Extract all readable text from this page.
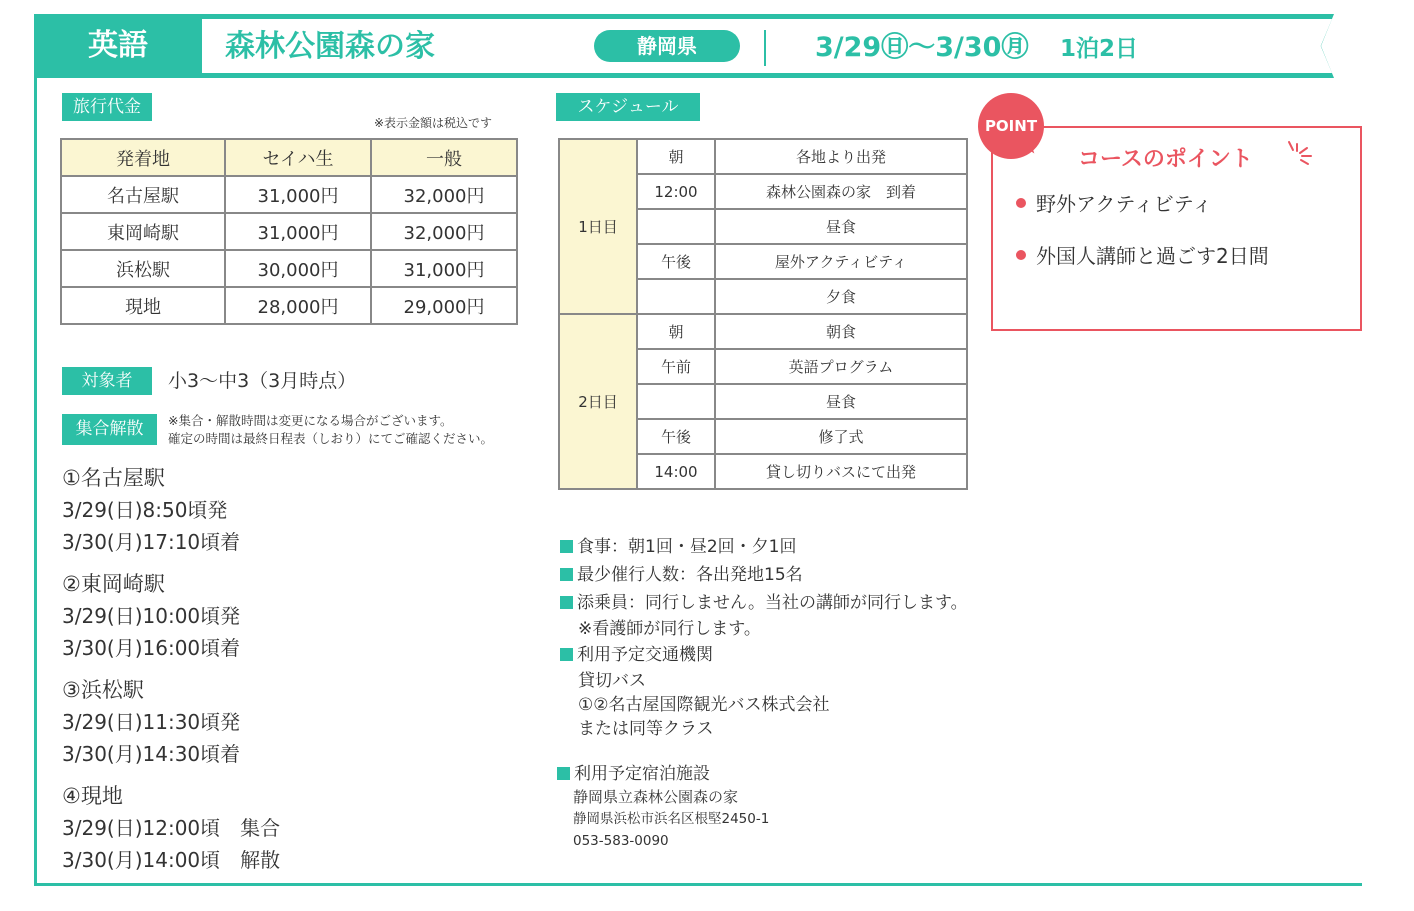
英語	森林公園森の家	静岡県	3/29㊐〜3/30㊊ 1泊2日
旅行代金
※表示金額は税込です
発着地	セイハ生	一般
名古屋駅	31,000円	32,000円
東岡崎駅	31,000円	32,000円
浜松駅	30,000円	31,000円
現地	28,000円	29,000円
対象者	小3〜中3（3月時点）
集合解散	※集合・解散時間は変更になる場合がございます。
確定の時間は最終日程表（しおり）にてご確認ください。
①名古屋駅
3/29(日)8:50頃発
3/30(月)17:10頃着
②東岡崎駅
3/29(日)10:00頃発
3/30(月)16:00頃着
③浜松駅
3/29(日)11:30頃発
3/30(月)14:30頃着
④現地
3/29(日)12:00頃　集合
3/30(月)14:00頃　解散
スケジュール
1日目	朝	各地より出発
	12:00	森林公園森の家　到着
		昼食
	午後	屋外アクティビティ
		夕食
2日目	朝	朝食
	午前	英語プログラム
		昼食
	午後	修了式
	14:00	貸し切りバスにて出発
食事：朝1回・昼2回・夕1回
最少催行人数：各出発地15名
添乗員：同行しません。当社の講師が同行します。
※看護師が同行します。
利用予定交通機関
貸切バス
①②名古屋国際観光バス株式会社
または同等クラス
利用予定宿泊施設
静岡県立森林公園森の家
静岡県浜松市浜名区根堅2450-1
053-583-0090
POINT
コースのポイント
野外アクティビティ
外国人講師と過ごす2日間
